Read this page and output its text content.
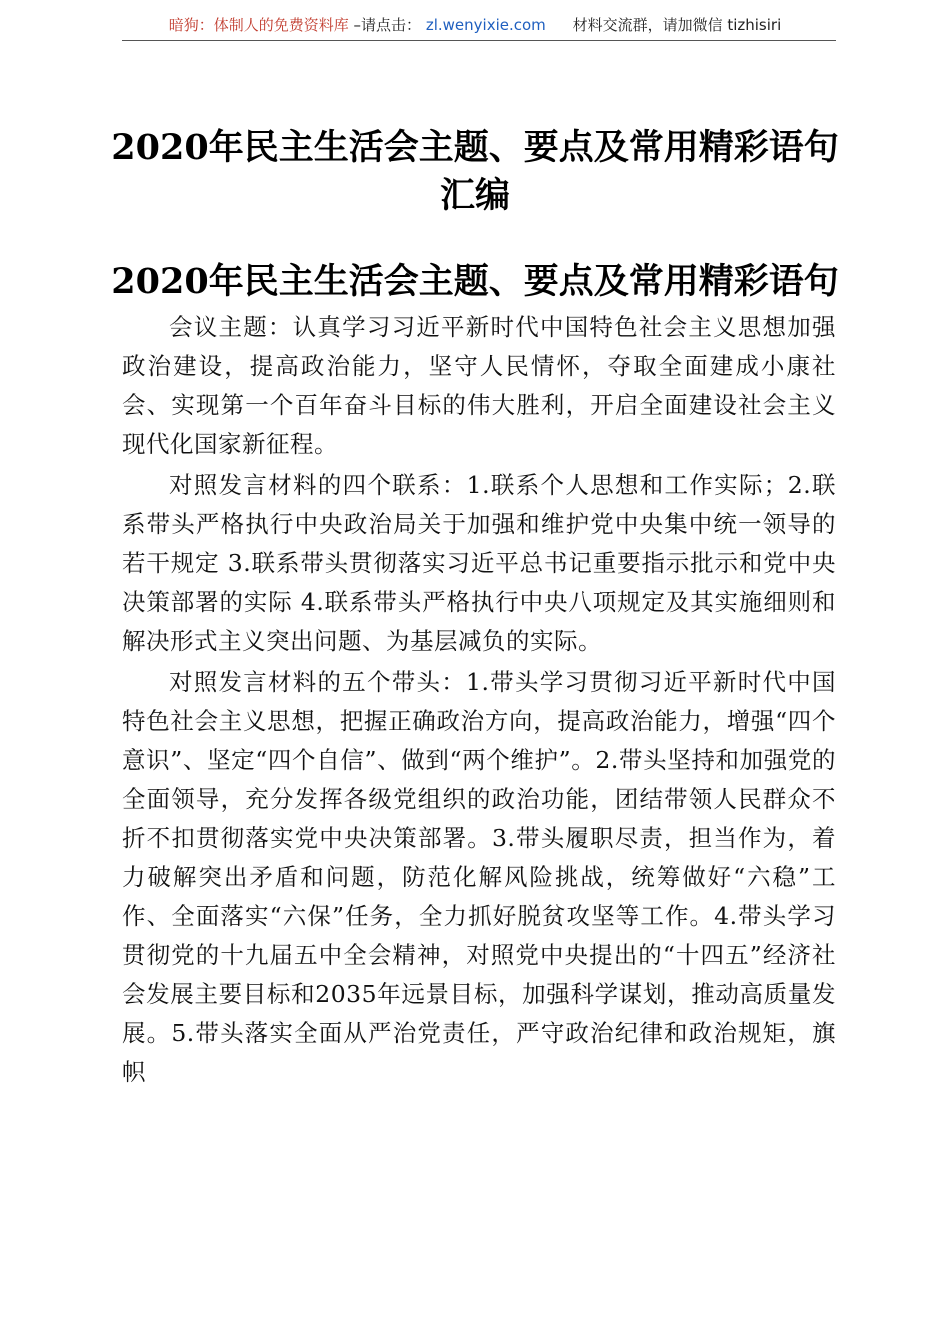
暗狗：体制人的免费资料库 –请点击： zl.wenyixie.com 材料交流群，请加微信 tizhisiri
2020年民主生活会主题、要点及常用精彩语句
汇编
2020年民主生活会主题、要点及常用精彩语句

会议主题：认真学习习近平新时代中国特色社会主义思想加强政治建设，提高政治能力，坚守人民情怀，夺取全面建成小康社会、实现第一个百年奋斗目标的伟大胜利，开启全面建设社会主义现代化国家新征程。

对照发言材料的四个联系：1.联系个人思想和工作实际；2.联系带头严格执行中央政治局关于加强和维护党中央集中统一领导的若干规定 3.联系带头贯彻落实习近平总书记重要指示批示和党中央决策部署的实际 4.联系带头严格执行中央八项规定及其实施细则和解决形式主义突出问题、为基层减负的实际。

对照发言材料的五个带头：1.带头学习贯彻习近平新时代中国特色社会主义思想，把握正确政治方向，提高政治能力，增强“四个意识”、坚定“四个自信”、做到“两个维护”。2.带头坚持和加强党的全面领导，充分发挥各级党组织的政治功能，团结带领人民群众不折不扣贯彻落实党中央决策部署。3.带头履职尽责，担当作为，着力破解突出矛盾和问题，防范化解风险挑战，统筹做好“六稳”工作、全面落实“六保”任务，全力抓好脱贫攻坚等工作。4.带头学习贯彻党的十九届五中全会精神，对照党中央提出的“十四五”经济社会发展主要目标和2035年远景目标，加强科学谋划，推动高质量发展。5.带头落实全面从严治党责任，严守政治纪律和政治规矩，旗帜
